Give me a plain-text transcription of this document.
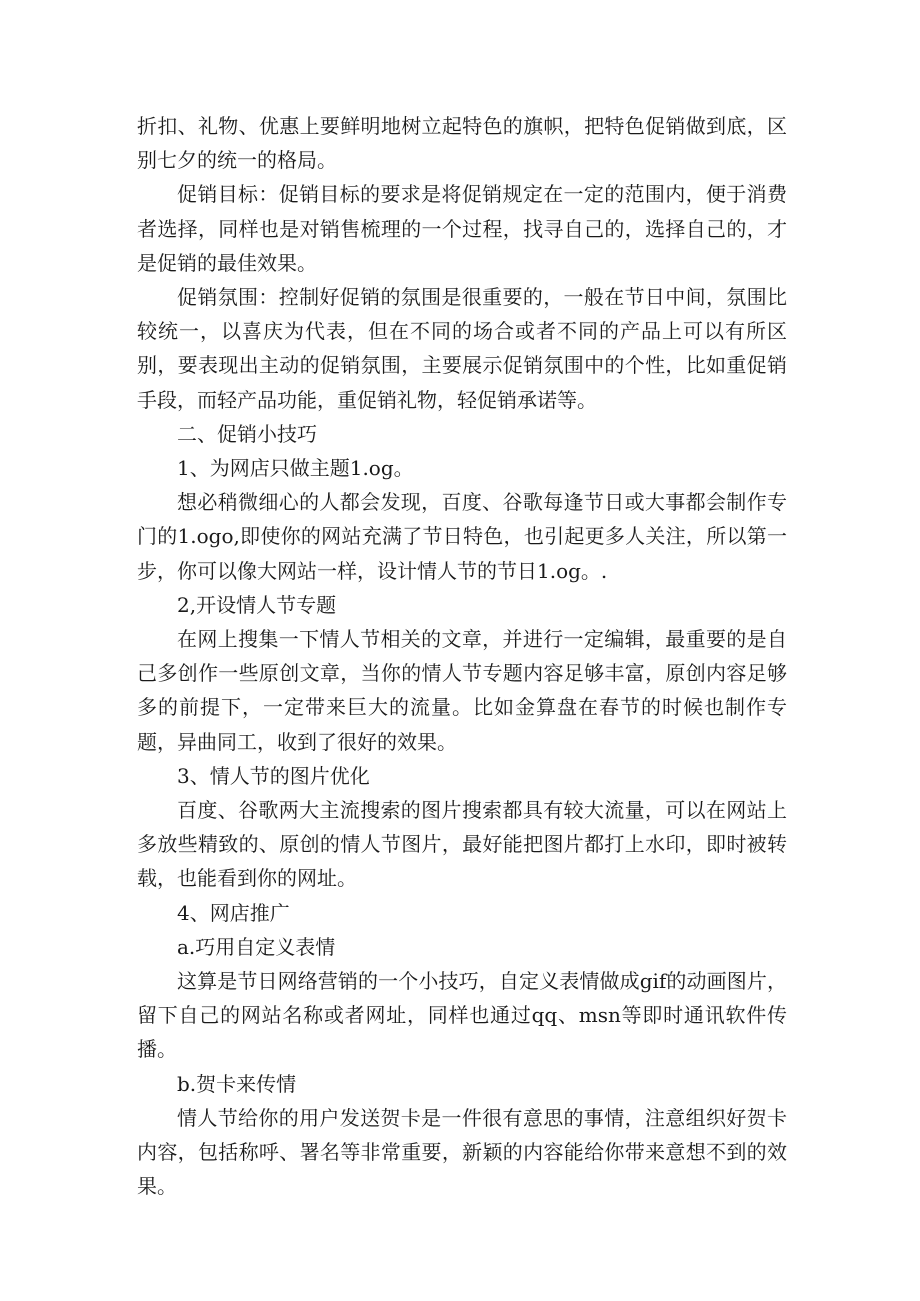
折扣、礼物、优惠上要鲜明地树立起特色的旗帜，把特色促销做到底，区别七夕的统一的格局。

促销目标：促销目标的要求是将促销规定在一定的范围内，便于消费者选择，同样也是对销售梳理的一个过程，找寻自己的，选择自己的，才是促销的最佳效果。

促销氛围：控制好促销的氛围是很重要的，一般在节日中间，氛围比较统一，以喜庆为代表，但在不同的场合或者不同的产品上可以有所区别，要表现出主动的促销氛围，主要展示促销氛围中的个性，比如重促销手段，而轻产品功能，重促销礼物，轻促销承诺等。

二、促销小技巧

1、为网店只做主题1.og。

想必稍微细心的人都会发现，百度、谷歌每逢节日或大事都会制作专门的1.ogo,即使你的网站充满了节日特色，也引起更多人关注，所以第一步，你可以像大网站一样，设计情人节的节日1.og。.

2,开设情人节专题

在网上搜集一下情人节相关的文章，并进行一定编辑，最重要的是自己多创作一些原创文章，当你的情人节专题内容足够丰富，原创内容足够多的前提下，一定带来巨大的流量。比如金算盘在春节的时候也制作专题，异曲同工，收到了很好的效果。

3、情人节的图片优化

百度、谷歌两大主流搜索的图片搜索都具有较大流量，可以在网站上多放些精致的、原创的情人节图片，最好能把图片都打上水印，即时被转载，也能看到你的网址。

4、网店推广

a.巧用自定义表情

这算是节日网络营销的一个小技巧，自定义表情做成gif的动画图片，留下自己的网站名称或者网址，同样也通过qq、msn等即时通讯软件传播。

b.贺卡来传情

情人节给你的用户发送贺卡是一件很有意思的事情，注意组织好贺卡内容，包括称呼、署名等非常重要，新颖的内容能给你带来意想不到的效果。
